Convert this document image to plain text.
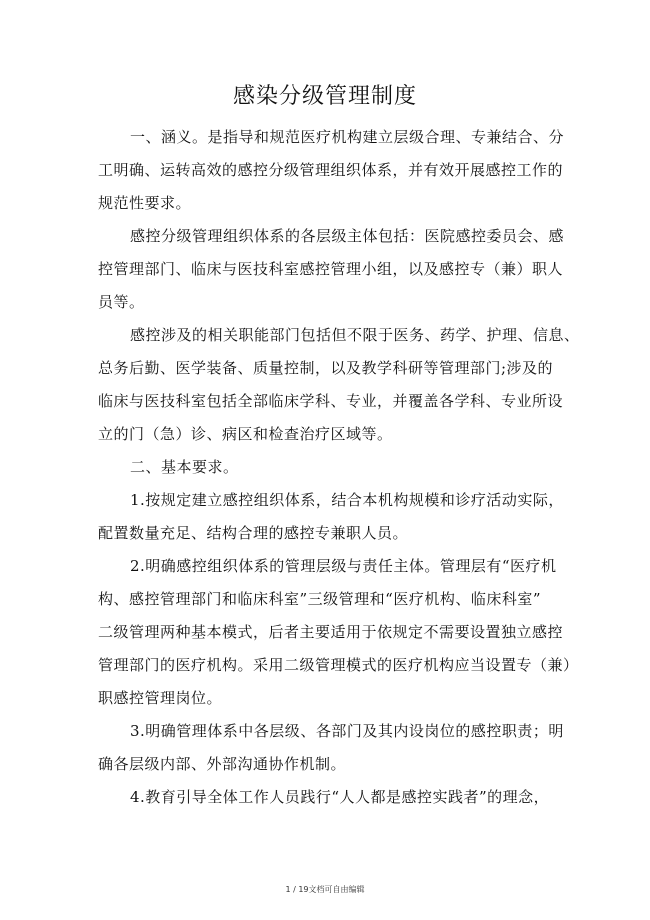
感染分级管理制度
一、涵义。是指导和规范医疗机构建立层级合理、专兼结合、分
工明确、运转高效的感控分级管理组织体系，并有效开展感控工作的
规范性要求。
感控分级管理组织体系的各层级主体包括：医院感控委员会、感
控管理部门、临床与医技科室感控管理小组，以及感控专（兼）职人
员等。
感控涉及的相关职能部门包括但不限于医务、药学、护理、信息、
总务后勤、医学装备、质量控制，以及教学科研等管理部门;涉及的
临床与医技科室包括全部临床学科、专业，并覆盖各学科、专业所设
立的门（急）诊、病区和检查治疗区域等。
二、基本要求。
1.按规定建立感控组织体系，结合本机构规模和诊疗活动实际，
配置数量充足、结构合理的感控专兼职人员。
2.明确感控组织体系的管理层级与责任主体。管理层有“医疗机
构、感控管理部门和临床科室”三级管理和“医疗机构、临床科室”
二级管理两种基本模式，后者主要适用于依规定不需要设置独立感控
管理部门的医疗机构。采用二级管理模式的医疗机构应当设置专（兼）
职感控管理岗位。
3.明确管理体系中各层级、各部门及其内设岗位的感控职责；明
确各层级内部、外部沟通协作机制。
4.教育引导全体工作人员践行“人人都是感控实践者”的理念，
1 / 19文档可自由编辑
